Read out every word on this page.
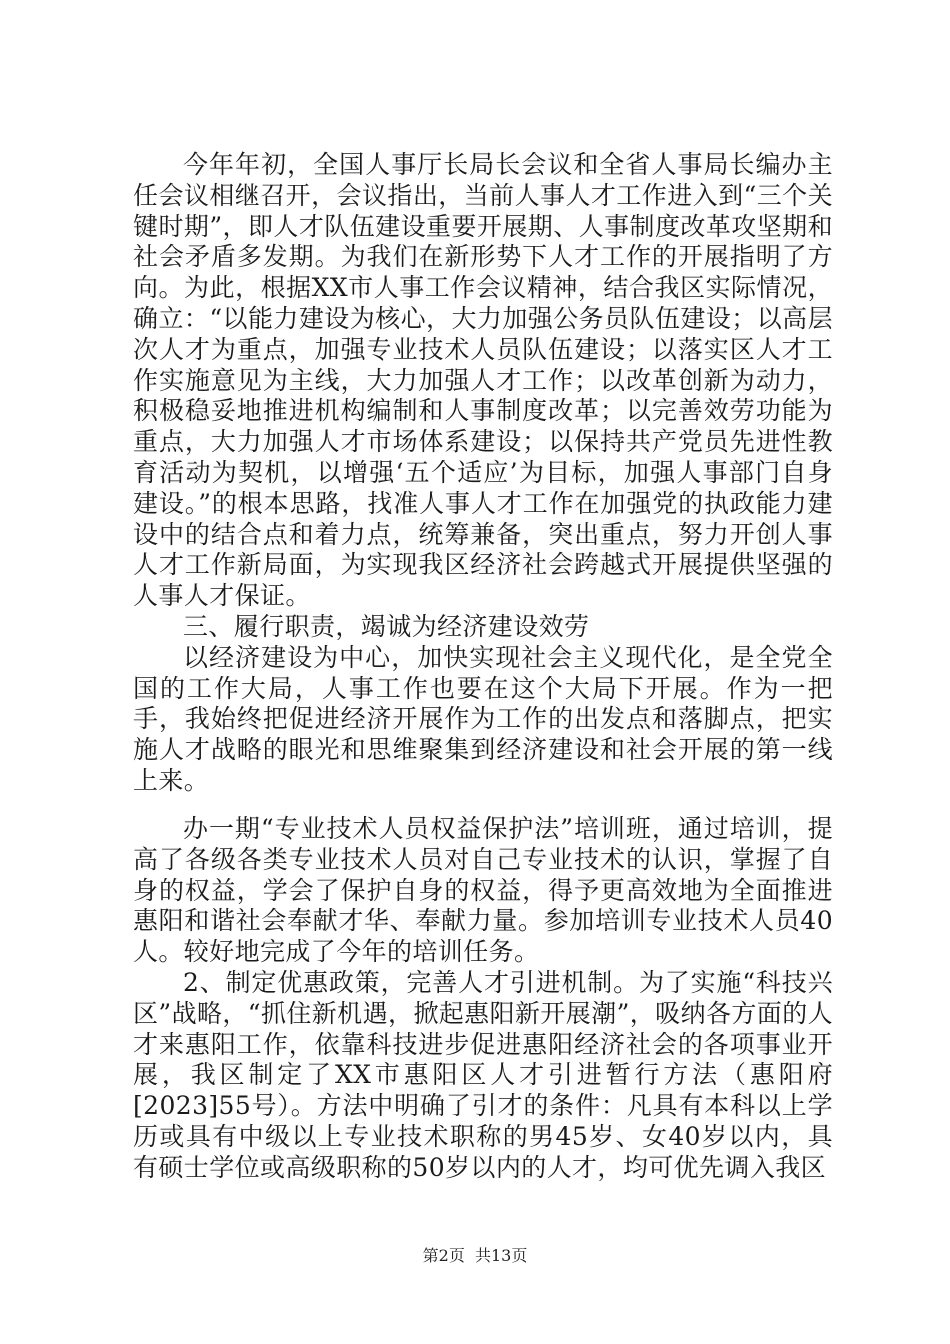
今年年初，全国人事厅长局长会议和全省人事局长编办主任会议相继召开，会议指出，当前人事人才工作进入到“三个关键时期”，即人才队伍建设重要开展期、人事制度改革攻坚期和社会矛盾多发期。为我们在新形势下人才工作的开展指明了方向。为此，根据XX市人事工作会议精神，结合我区实际情况，确立：“以能力建设为核心，大力加强公务员队伍建设；以高层次人才为重点，加强专业技术人员队伍建设；以落实区人才工作实施意见为主线，大力加强人才工作；以改革创新为动力，积极稳妥地推进机构编制和人事制度改革；以完善效劳功能为重点，大力加强人才市场体系建设；以保持共产党员先进性教育活动为契机，以增强‘五个适应’为目标，加强人事部门自身建设。”的根本思路，找准人事人才工作在加强党的执政能力建设中的结合点和着力点，统筹兼备，突出重点，努力开创人事人才工作新局面，为实现我区经济社会跨越式开展提供坚强的人事人才保证。

三、履行职责，竭诚为经济建设效劳

以经济建设为中心，加快实现社会主义现代化，是全党全国的工作大局，人事工作也要在这个大局下开展。作为一把手，我始终把促进经济开展作为工作的出发点和落脚点，把实施人才战略的眼光和思维聚集到经济建设和社会开展的第一线上来。

办一期“专业技术人员权益保护法”培训班，通过培训，提高了各级各类专业技术人员对自己专业技术的认识，掌握了自身的权益，学会了保护自身的权益，得予更高效地为全面推进惠阳和谐社会奉献才华、奉献力量。参加培训专业技术人员40人。较好地完成了今年的培训任务。

2、制定优惠政策，完善人才引进机制。为了实施“科技兴区”战略，“抓住新机遇，掀起惠阳新开展潮”，吸纳各方面的人才来惠阳工作，依靠科技进步促进惠阳经济社会的各项事业开展，我区制定了XX市惠阳区人才引进暂行方法（惠阳府[2023]55号）。方法中明确了引才的条件：凡具有本科以上学历或具有中级以上专业技术职称的男45岁、女40岁以内，具有硕士学位或高级职称的50岁以内的人才，均可优先调入我区

第2页  共13页
